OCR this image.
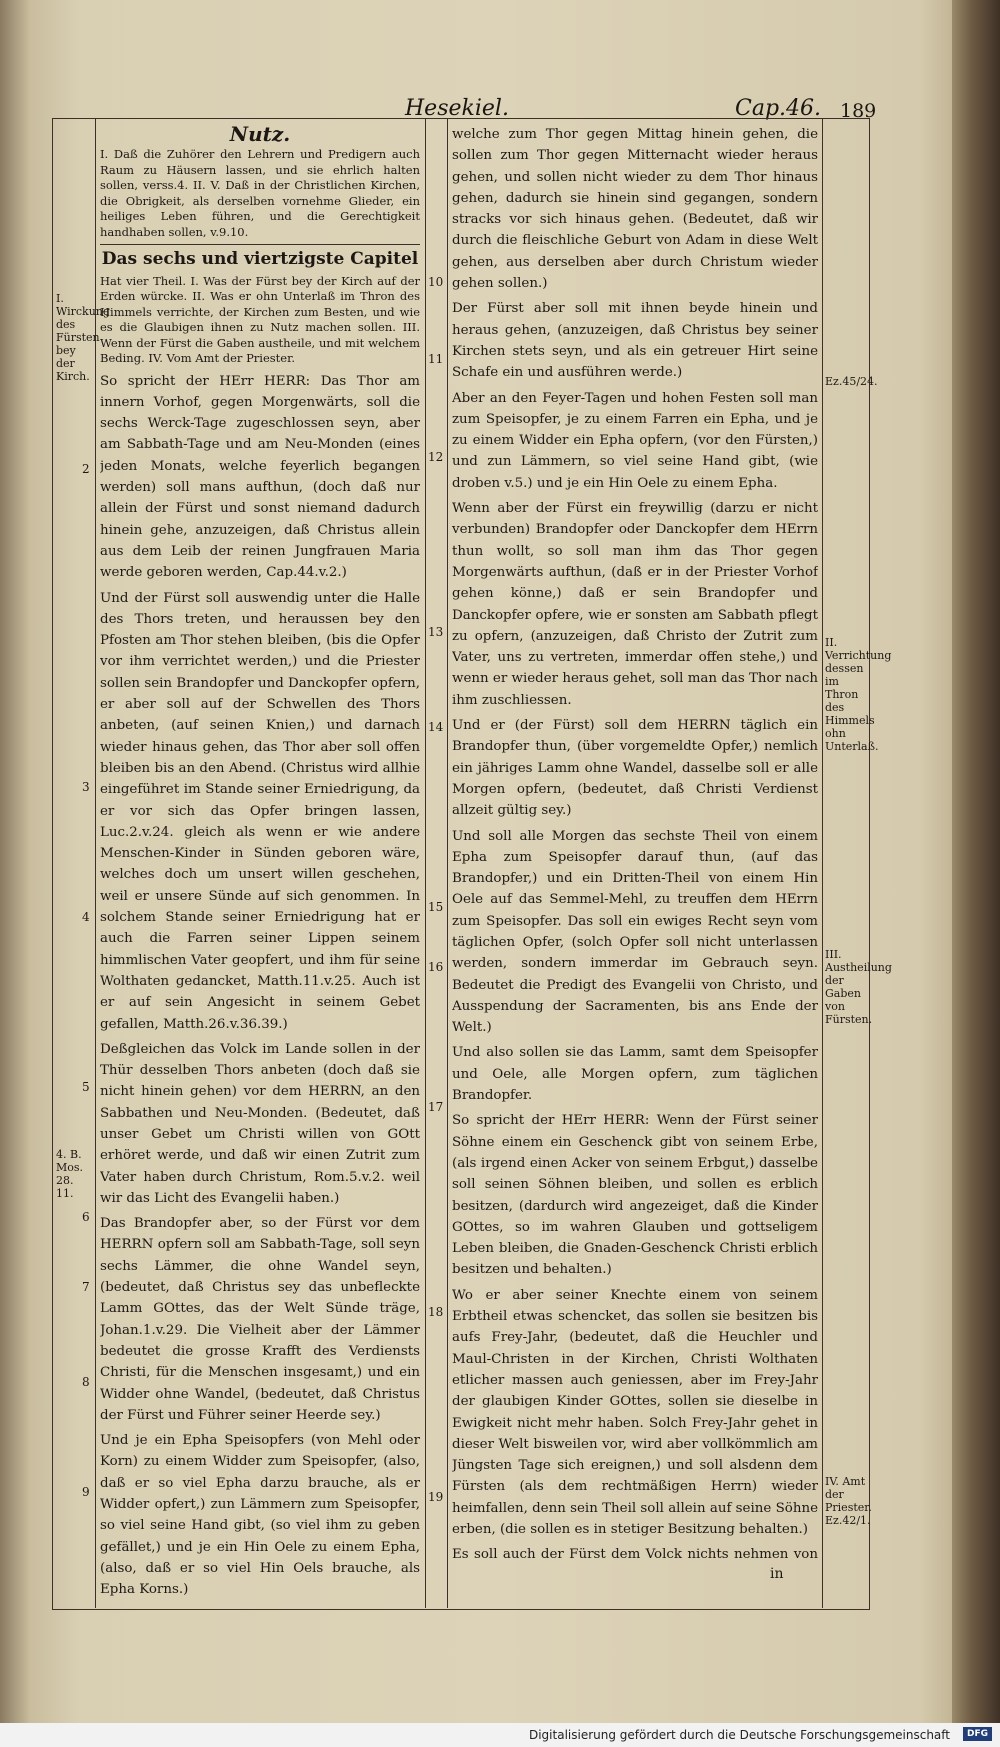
Hesekiel.	Cap.46. 189
I. Wirckung des Fürsten bey der Kirch.
4. B. Mos. 28. 11.
Ez.45/24.
II. Verrichtung dessen im Thron des Himmels ohn Unterlaß.
III. Austheilung der Gaben von Fürsten.
IV. Amt der Priester. Ez.42/1.
Nutz.

I. Daß die Zuhörer den Lehrern und Predigern auch Raum zu Häusern lassen, und sie ehrlich halten sollen, verss.4. II. V. Daß in der Christlichen Kirchen, die Obrigkeit, als derselben vornehme Glieder, ein heiliges Leben führen, und die Gerechtigkeit handhaben sollen, v.9.10.

Das sechs und viertzigste Capitel

Hat vier Theil. I. Was der Fürst bey der Kirch auf der Erden würcke. II. Was er ohn Unterlaß im Thron des Himmels verrichte, der Kirchen zum Besten, und wie es die Glaubigen ihnen zu Nutz machen sollen. III. Wenn der Fürst die Gaben austheile, und mit welchem Beding. IV. Vom Amt der Priester.

So spricht der HErr HERR: Das Thor am innern Vorhof, gegen Morgenwärts, soll die sechs Werck-Tage zugeschlossen seyn, aber am Sabbath-Tage und am Neu-Monden (eines jeden Monats, welche feyerlich begangen werden) soll mans aufthun, (doch daß nur allein der Fürst und sonst niemand dadurch hinein gehe, anzuzeigen, daß Christus allein aus dem Leib der reinen Jungfrauen Maria werde geboren werden, Cap.44.v.2.)

Und der Fürst soll auswendig unter die Halle des Thors treten, und heraussen bey den Pfosten am Thor stehen bleiben, (bis die Opfer vor ihm verrichtet werden,) und die Priester sollen sein Brandopfer und Danckopfer opfern, er aber soll auf der Schwellen des Thors anbeten, (auf seinen Knien,) und darnach wieder hinaus gehen, das Thor aber soll offen bleiben bis an den Abend. (Christus wird allhie eingeführet im Stande seiner Erniedrigung, da er vor sich das Opfer bringen lassen, Luc.2.v.24. gleich als wenn er wie andere Menschen-Kinder in Sünden geboren wäre, welches doch um unsert willen geschehen, weil er unsere Sünde auf sich genommen. In solchem Stande seiner Erniedrigung hat er auch die Farren seiner Lippen seinem himmlischen Vater geopfert, und ihm für seine Wolthaten gedancket, Matth.11.v.25. Auch ist er auf sein Angesicht in seinem Gebet gefallen, Matth.26.v.36.39.)

Deßgleichen das Volck im Lande sollen in der Thür desselben Thors anbeten (doch daß sie nicht hinein gehen) vor dem HERRN, an den Sabbathen und Neu-Monden. (Bedeutet, daß unser Gebet um Christi willen von GOtt erhöret werde, und daß wir einen Zutrit zum Vater haben durch Christum, Rom.5.v.2. weil wir das Licht des Evangelii haben.)

Das Brandopfer aber, so der Fürst vor dem HERRN opfern soll am Sabbath-Tage, soll seyn sechs Lämmer, die ohne Wandel seyn, (bedeutet, daß Christus sey das unbefleckte Lamm GOttes, das der Welt Sünde träge, Johan.1.v.29. Die Vielheit aber der Lämmer bedeutet die grosse Krafft des Verdiensts Christi, für die Menschen insgesamt,) und ein Widder ohne Wandel, (bedeutet, daß Christus der Fürst und Führer seiner Heerde sey.)

Und je ein Epha Speisopfers (von Mehl oder Korn) zu einem Widder zum Speisopfer, (also, daß er so viel Epha darzu brauche, als er Widder opfert,) zun Lämmern zum Speisopfer, so viel seine Hand gibt, (so viel ihm zu geben gefället,) und je ein Hin Oele zu einem Epha, (also, daß er so viel Hin Oels brauche, als Epha Korns.)

2
3
4
5
6
7
8
9

welche zum Thor gegen Mittag hinein gehen, die sollen zum Thor gegen Mitternacht wieder heraus gehen, und sollen nicht wieder zu dem Thor hinaus gehen, dadurch sie hinein sind gegangen, sondern stracks vor sich hinaus gehen. (Bedeutet, daß wir durch die fleischliche Geburt von Adam in diese Welt gehen, aus derselben aber durch Christum wieder gehen sollen.)

Der Fürst aber soll mit ihnen beyde hinein und heraus gehen, (anzuzeigen, daß Christus bey seiner Kirchen stets seyn, und als ein getreuer Hirt seine Schafe ein und ausführen werde.)

Aber an den Feyer-Tagen und hohen Festen soll man zum Speisopfer, je zu einem Farren ein Epha, und je zu einem Widder ein Epha opfern, (vor den Fürsten,) und zun Lämmern, so viel seine Hand gibt, (wie droben v.5.) und je ein Hin Oele zu einem Epha.

Wenn aber der Fürst ein freywillig (darzu er nicht verbunden) Brandopfer oder Danckopfer dem HErrn thun wollt, so soll man ihm das Thor gegen Morgenwärts aufthun, (daß er in der Priester Vorhof gehen könne,) daß er sein Brandopfer und Danckopfer opfere, wie er sonsten am Sabbath pflegt zu opfern, (anzuzeigen, daß Christo der Zutrit zum Vater, uns zu vertreten, immerdar offen stehe,) und wenn er wieder heraus gehet, soll man das Thor nach ihm zuschliessen.

Und er (der Fürst) soll dem HERRN täglich ein Brandopfer thun, (über vorgemeldte Opfer,) nemlich ein jähriges Lamm ohne Wandel, dasselbe soll er alle Morgen opfern, (bedeutet, daß Christi Verdienst allzeit gültig sey.)

Und soll alle Morgen das sechste Theil von einem Epha zum Speisopfer darauf thun, (auf das Brandopfer,) und ein Dritten-Theil von einem Hin Oele auf das Semmel-Mehl, zu treuffen dem HErrn zum Speisopfer. Das soll ein ewiges Recht seyn vom täglichen Opfer, (solch Opfer soll nicht unterlassen werden, sondern immerdar im Gebrauch seyn. Bedeutet die Predigt des Evangelii von Christo, und Ausspendung der Sacramenten, bis ans Ende der Welt.)

Und also sollen sie das Lamm, samt dem Speisopfer und Oele, alle Morgen opfern, zum täglichen Brandopfer.

So spricht der HErr HERR: Wenn der Fürst seiner Söhne einem ein Geschenck gibt von seinem Erbe, (als irgend einen Acker von seinem Erbgut,) dasselbe soll seinen Söhnen bleiben, und sollen es erblich besitzen, (dardurch wird angezeiget, daß die Kinder GOttes, so im wahren Glauben und gottseligem Leben bleiben, die Gnaden-Geschenck Christi erblich besitzen und behalten.)

Wo er aber seiner Knechte einem von seinem Erbtheil etwas schencket, das sollen sie besitzen bis aufs Frey-Jahr, (bedeutet, daß die Heuchler und Maul-Christen in der Kirchen, Christi Wolthaten etlicher massen auch geniessen, aber im Frey-Jahr der glaubigen Kinder GOttes, sollen sie dieselbe in Ewigkeit nicht mehr haben. Solch Frey-Jahr gehet in dieser Welt bisweilen vor, wird aber vollkömmlich am Jüngsten Tage sich ereignen,) und soll alsdenn dem Fürsten (als dem rechtmäßigen Herrn) wieder heimfallen, denn sein Theil soll allein auf seine Söhne erben, (die sollen es in stetiger Besitzung behalten.)

Es soll auch der Fürst dem Volck nichts nehmen von

10
11
12
13
14
15
16
17
18
19
in
Digitalisierung gefördert durch die Deutsche Forschungsgemeinschaft	DFG
